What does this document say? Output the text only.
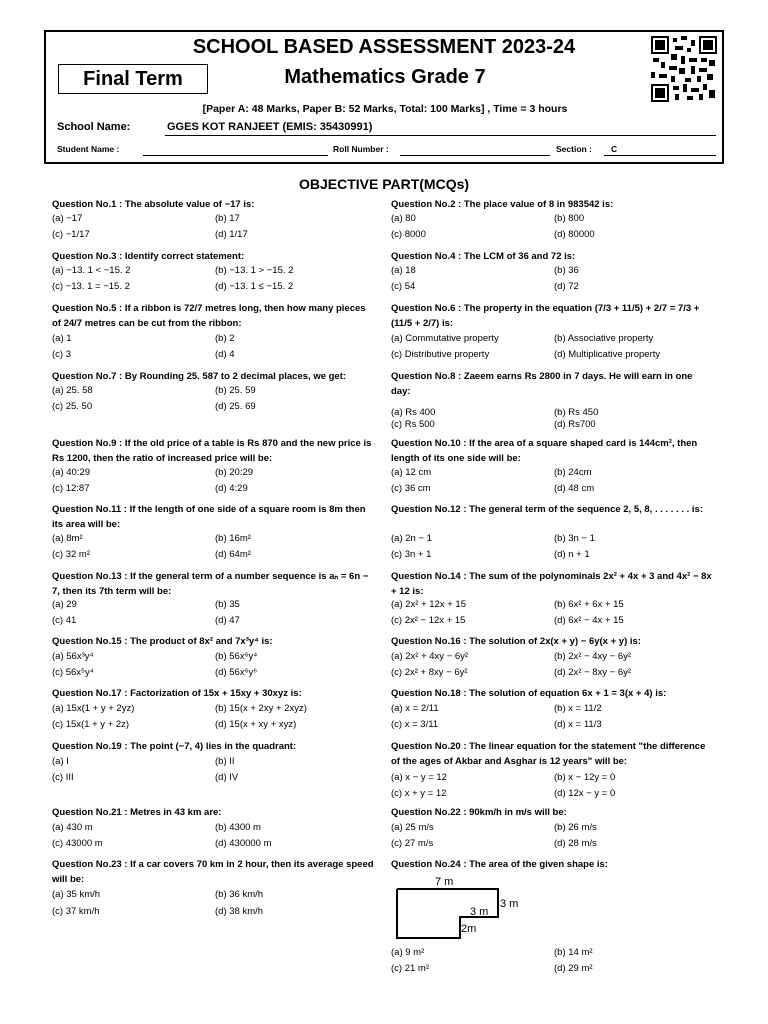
SCHOOL BASED ASSESSMENT 2023-24
Mathematics Grade 7
Final Term
[Paper A: 48 Marks, Paper B: 52 Marks, Total: 100 Marks] , Time = 3 hours
School Name:	GGES KOT RANJEET (EMIS: 35430991)
Student Name :	Roll Number :	Section : C
OBJECTIVE PART(MCQs)
Question No.1 : The absolute value of −17 is:
(a) −17	(b) 17
(c) −1/17	(d) 1/17
Question No.2 : The place value of 8 in 983542 is:
(a) 80	(b) 800
(c) 8000	(d) 80000
Question No.3 : Identify correct statement:
(a) −13. 1 < −15. 2	(b) −13. 1 > −15. 2
(c) −13. 1 = −15. 2	(d) −13. 1 ≤ −15. 2
Question No.4 : The LCM of 36 and 72 is:
(a) 18	(b) 36
(c) 54	(d) 72
Question No.5 : If a ribbon is 72/7 metres long, then how many pieces of 24/7 metres can be cut from the ribbon:
(a) 1	(b) 2
(c) 3	(d) 4
Question No.6 : The property in the equation (7/3 + 11/5) + 2/7 = 7/3 + (11/5 + 2/7) is:
(a) Commutative property	(b) Associative property
(c) Distributive property	(d) Multiplicative property
Question No.7 : By Rounding 25. 587 to 2 decimal places, we get:
(a) 25. 58	(b) 25. 59
(c) 25. 50	(d) 25. 69
Question No.8 : Zaeem earns Rs 2800 in 7 days. He will earn in one day:
(a) Rs 400	(b) Rs 450
(c) Rs 500	(d) Rs700
Question No.9 : If the old price of a table is Rs 870 and the new price is Rs 1200, then the ratio of increased price will be:
(a) 40:29	(b) 20:29
(c) 12:87	(d) 4:29
Question No.10 : If the area of a square shaped card is 144cm², then length of its one side will be:
(a) 12 cm	(b) 24cm
(c) 36 cm	(d) 48 cm
Question No.11 : If the length of one side of a square room is 8m then its area will be:
(a) 8m²	(b) 16m²
(c) 32 m²	(d) 64m²
Question No.12 : The general term of the sequence 2, 5, 8, . . . . . . . is:
(a) 2n − 1	(b) 3n − 1
(c) 3n + 1	(d) n + 1
Question No.13 : If the general term of a number sequence is aₙ = 6n − 7, then its 7th term will be:
(a) 29	(b) 35
(c) 41	(d) 47
Question No.14 : The sum of the polynominals 2x² + 4x + 3 and 4x² − 8x + 12 is:
(a) 2x² + 12x + 15	(b) 6x² + 6x + 15
(c) 2x² − 12x + 15	(d) 6x² − 4x + 15
Question No.15 : The product of 8x² and 7x³y⁴ is:
(a) 56x³y⁴	(b) 56x⁶y⁴
(c) 56x⁵y⁴	(d) 56x⁶y⁶
Question No.16 : The solution of 2x(x + y) − 6y(x + y) is:
(a) 2x² + 4xy − 6y²	(b) 2x² − 4xy − 6y²
(c) 2x² + 8xy − 6y²	(d) 2x² − 8xy − 6y²
Question No.17 : Factorization of 15x + 15xy + 30xyz is:
(a) 15x(1 + y + 2yz)	(b) 15(x + 2xy + 2xyz)
(c) 15x(1 + y + 2z)	(d) 15(x + xy + xyz)
Question No.18 : The solution of equation 6x + 1 = 3(x + 4) is:
(a) x = 2/11	(b) x = 11/2
(c) x = 3/11	(d) x = 11/3
Question No.19 : The point (−7, 4) lies in the quadrant:
(a) I	(b) II
(c) III	(d) IV
Question No.20 : The linear equation for the statement "the difference of the ages of Akbar and Asghar is 12 years" will be:
(a) x − y = 12	(b) x − 12y = 0
(c) x + y = 12	(d) 12x − y = 0
Question No.21 : Metres in 43 km are:
(a) 430 m	(b) 4300 m
(c) 43000 m	(d) 430000 m
Question No.22 : 90km/h in m/s will be:
(a) 25 m/s	(b) 26 m/s
(c) 27 m/s	(d) 28 m/s
Question No.23 : If a car covers 70 km in 2 hour, then its average speed will be:
(a) 35 km/h	(b) 36 km/h
(c) 37 km/h	(d) 38 km/h
Question No.24 : The area of the given shape is:
(a) 9 m²	(b) 14 m²
(c) 21 m²	(d) 29 m²
7 m
3 m
3 m
2m
